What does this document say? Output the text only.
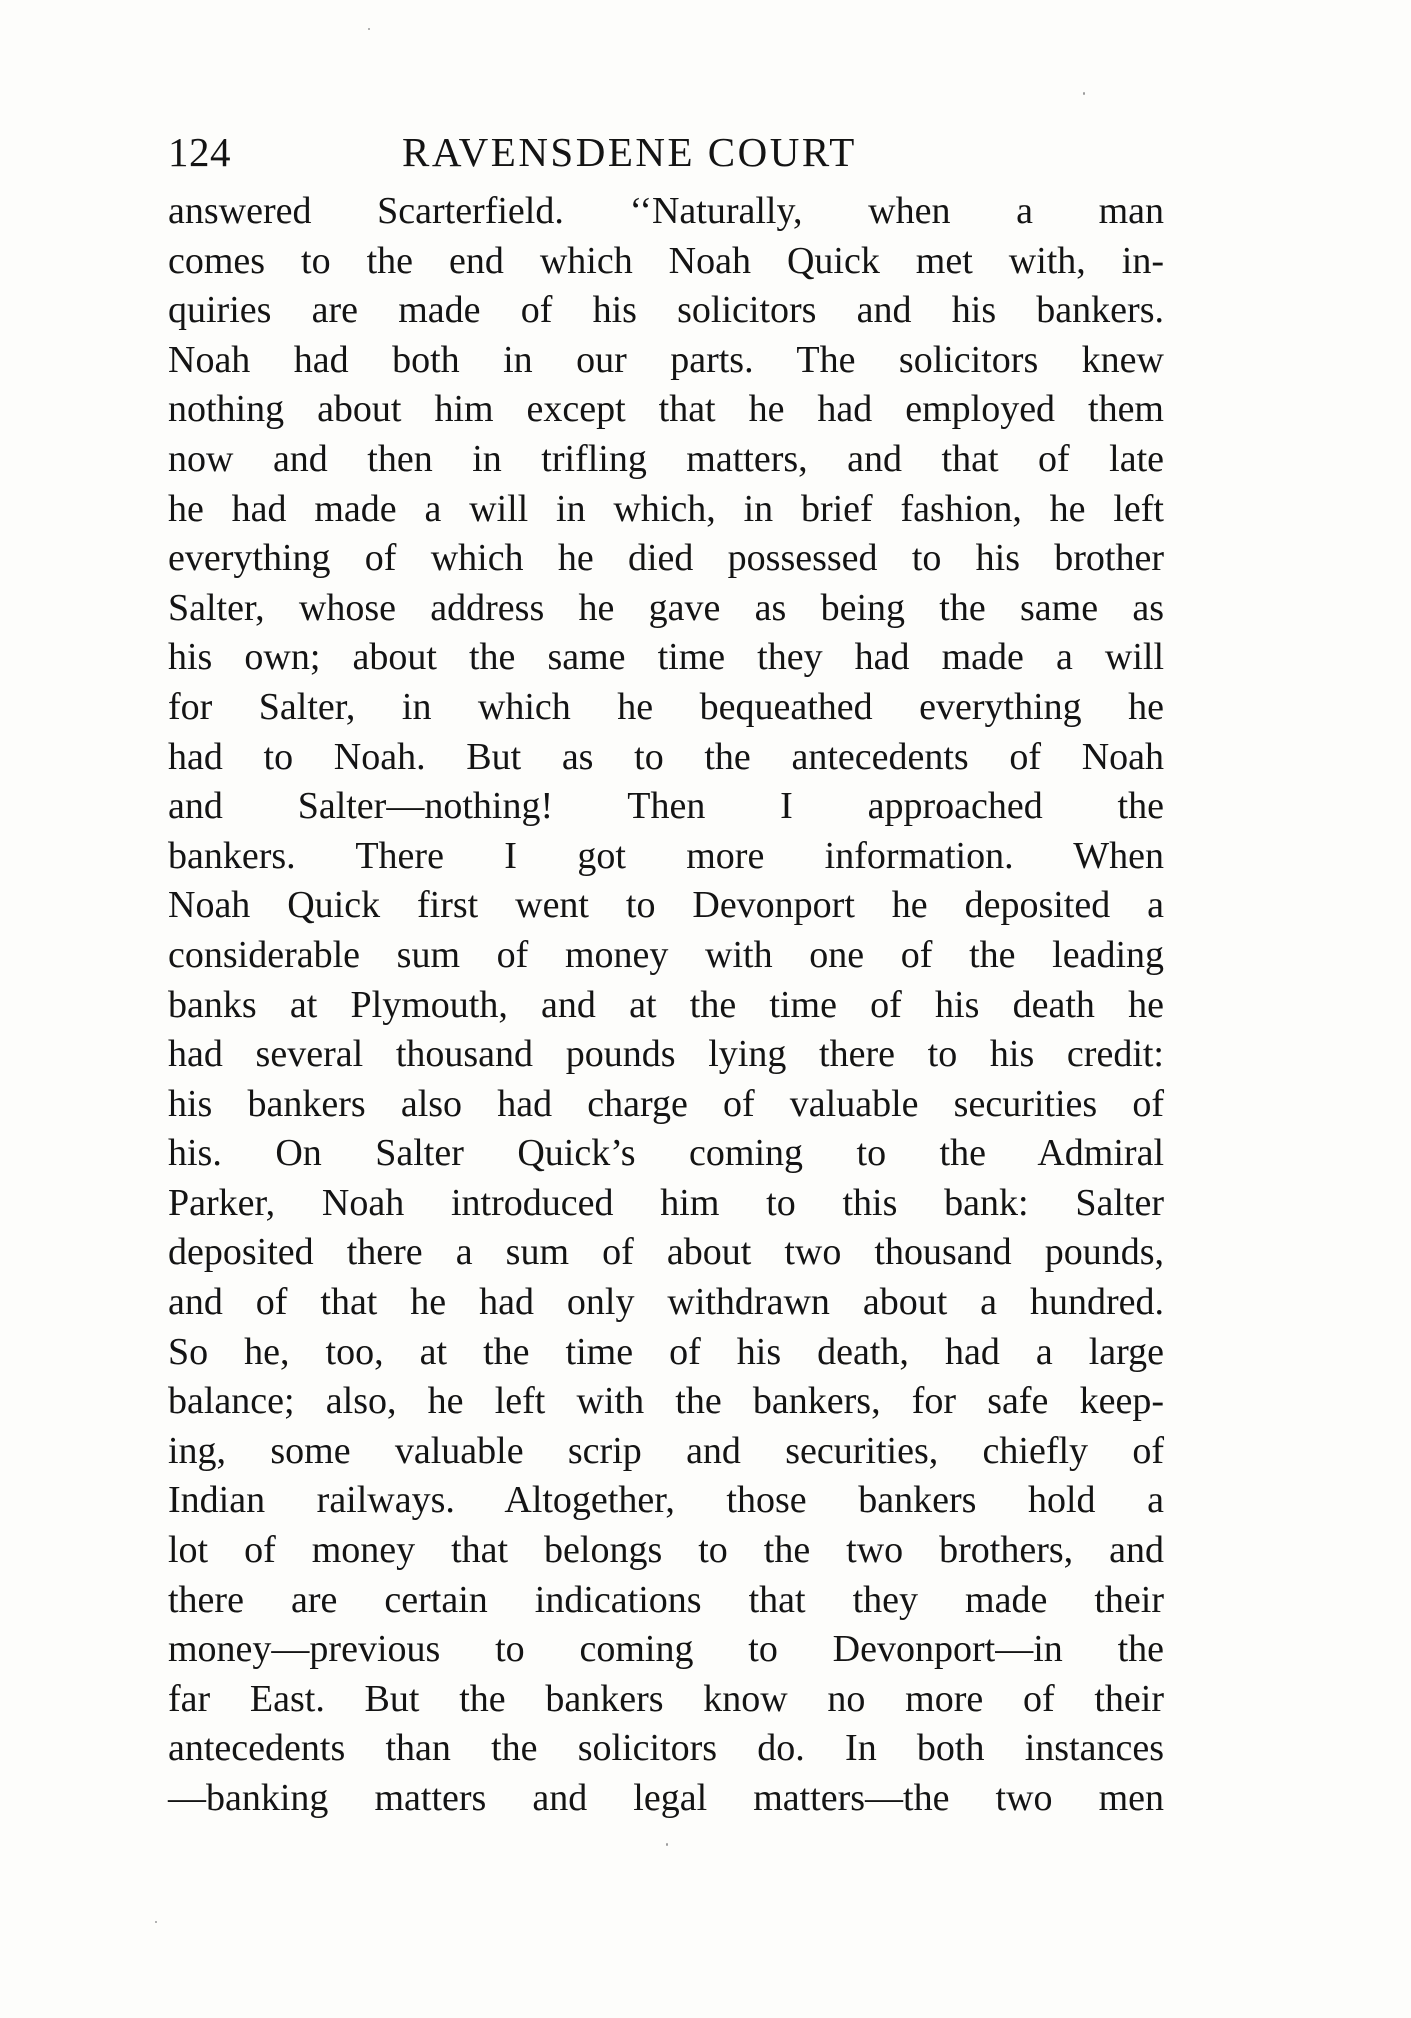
124	RAVENSDENE COURT
answered Scarterfield. ‘‘Naturally, when a man
comes to the end which Noah Quick met with, in-
quiries are made of his solicitors and his bankers.
Noah had both in our parts. The solicitors knew
nothing about him except that he had employed them
now and then in trifling matters, and that of late
he had made a will in which, in brief fashion, he left
everything of which he died possessed to his brother
Salter, whose address he gave as being the same as
his own; about the same time they had made a will
for Salter, in which he bequeathed everything he
had to Noah. But as to the antecedents of Noah
and Salter—nothing! Then I approached the
bankers. There I got more information. When
Noah Quick first went to Devonport he deposited a
considerable sum of money with one of the leading
banks at Plymouth, and at the time of his death he
had several thousand pounds lying there to his credit:
his bankers also had charge of valuable securities of
his. On Salter Quick’s coming to the Admiral
Parker, Noah introduced him to this bank: Salter
deposited there a sum of about two thousand pounds,
and of that he had only withdrawn about a hundred.
So he, too, at the time of his death, had a large
balance; also, he left with the bankers, for safe keep-
ing, some valuable scrip and securities, chiefly of
Indian railways. Altogether, those bankers hold a
lot of money that belongs to the two brothers, and
there are certain indications that they made their
money—previous to coming to Devonport—in the
far East. But the bankers know no more of their
antecedents than the solicitors do. In both instances
—banking matters and legal matters—the two men
